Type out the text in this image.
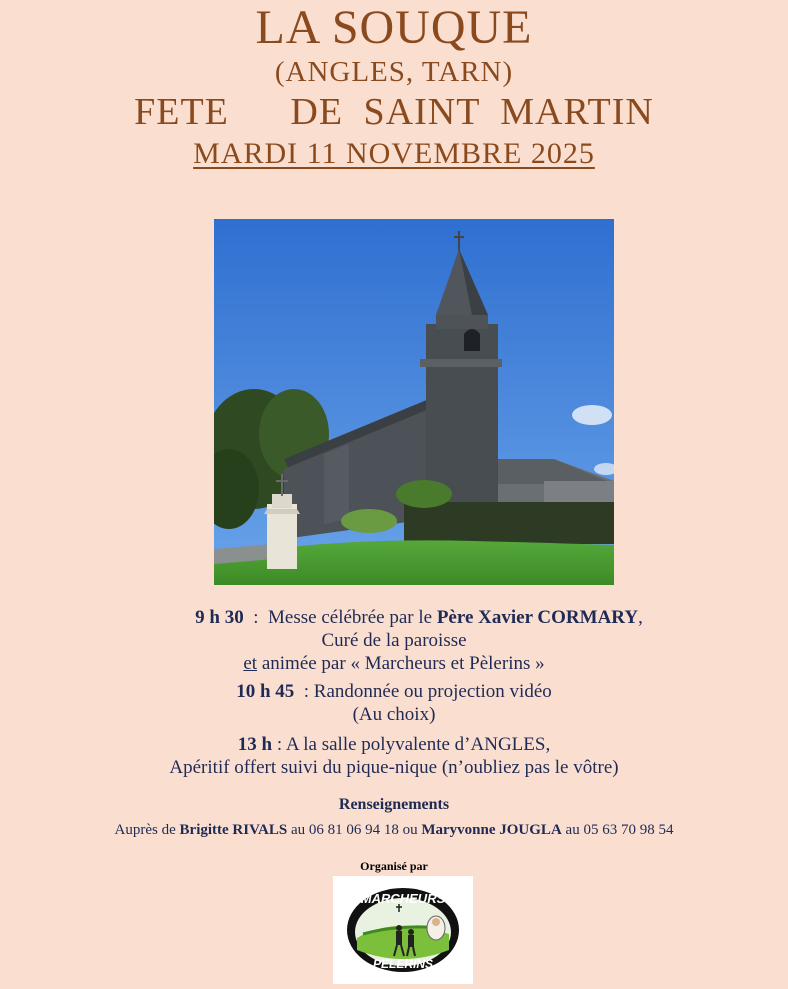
LA SOUQUE
(ANGLES, TARN)
FETE   DE SAINT MARTIN
MARDI 11 NOVEMBRE 2025

9 h 30  :  Messe célébrée par le Père Xavier CORMARY,
Curé de la paroisse
et animée par « Marcheurs et Pèlerins »

10 h 45  : Randonnée ou projection vidéo
(Au choix)

13 h : A la salle polyvalente d’ANGLES,
Apéritif offert suivi du pique-nique (n’oubliez pas le vôtre)

Renseignements

Auprès de Brigitte RIVALS au 06 81 06 94 18 ou Maryvonne JOUGLA au 05 63 70 98 54

Organisé par

MARCHEURS
PELERINS
